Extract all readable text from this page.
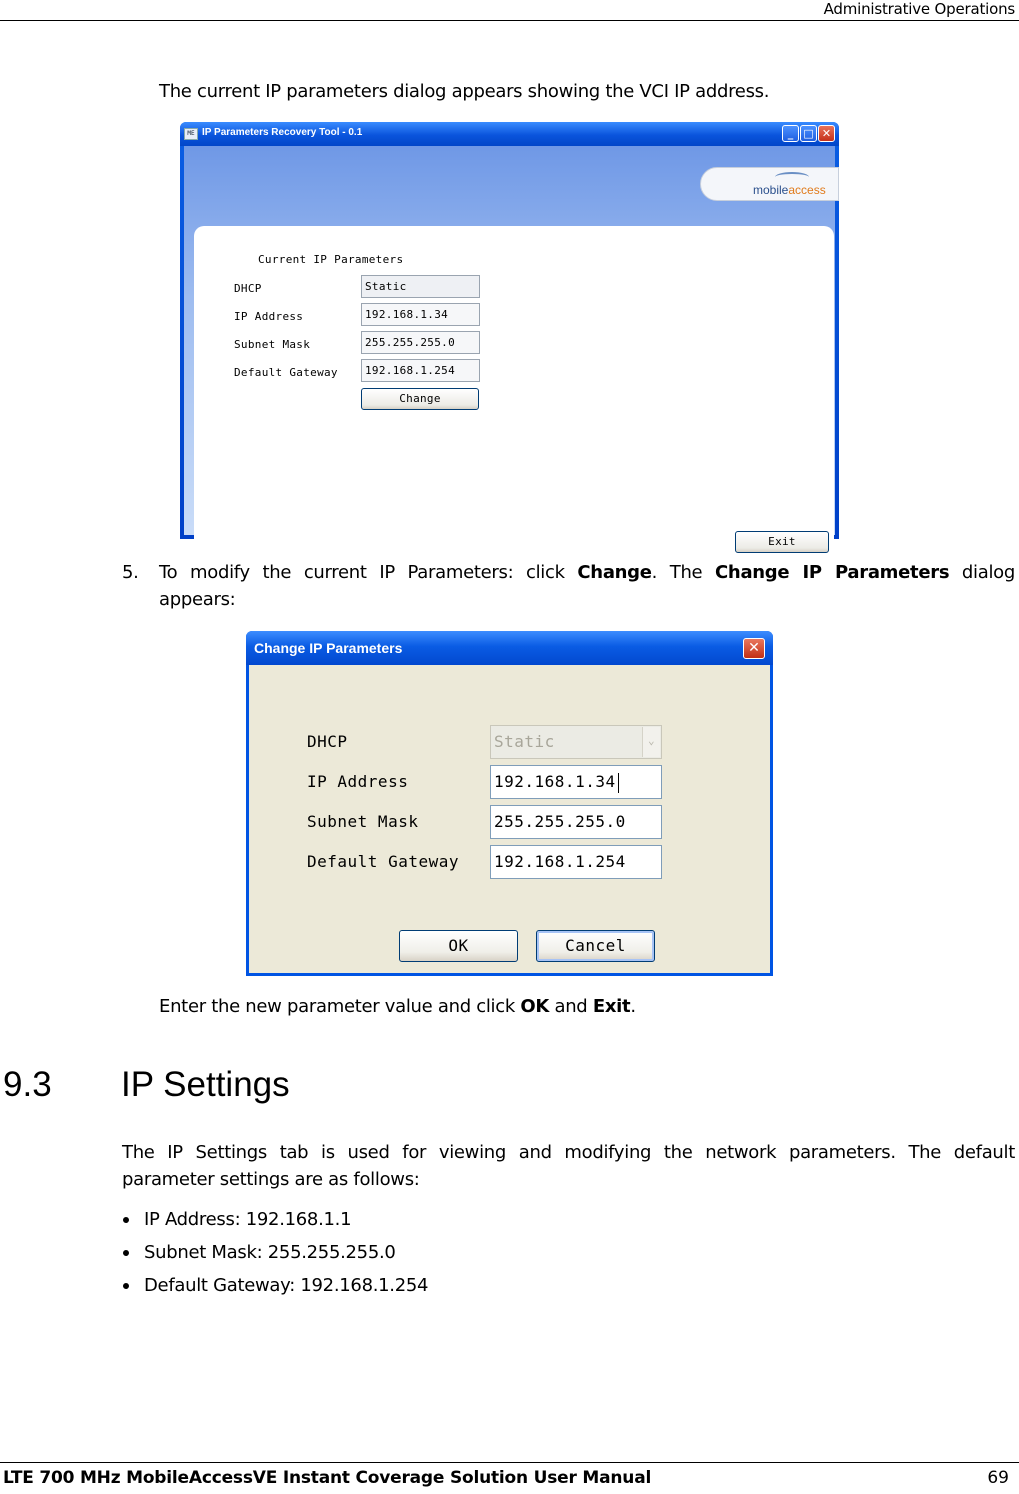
Administrative Operations
The current IP parameters dialog appears showing the VCI IP address.
ME IP Parameters Recovery Tool - 0.1	_ □ ✕
mobileaccess
Current IP Parameters
DHCP	Static
IP Address	192.168.1.34
Subnet Mask	255.255.255.0
Default Gateway	192.168.1.254
Change
Exit
5. To modify the current IP Parameters: click Change. The Change IP Parameters dialog
appears:
Change IP Parameters	✕
DHCP	Static	⌄
IP Address	192.168.1.34
Subnet Mask	255.255.255.0
Default Gateway 192.168.1.254
OK	Cancel
Enter the new parameter value and click OK and Exit.
9.3 IP Settings
The IP Settings tab is used for viewing and modifying the network parameters. The default
parameter settings are as follows:
IP Address: 192.168.1.1
Subnet Mask: 255.255.255.0
Default Gateway: 192.168.1.254
LTE 700 MHz MobileAccessVE Instant Coverage Solution User Manual	69
